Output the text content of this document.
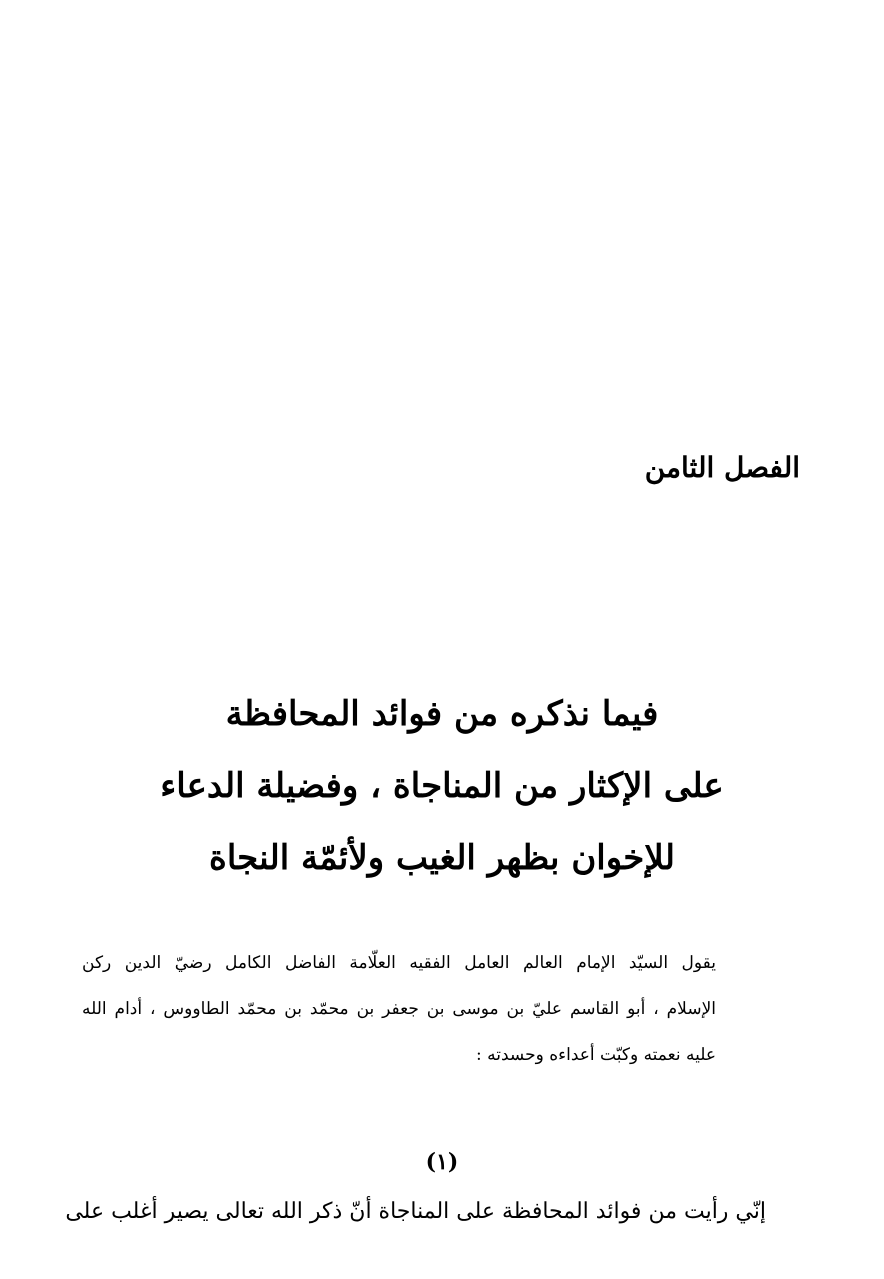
الفصل الثامن
فيما نذكره من فوائد المحافظة
على الإكثار من المناجاة ، وفضيلة الدعاء
للإخوان بظهر الغيب ولأئمّة النجاة
يقول السيّد الإمام العالم العامل الفقيه العلّامة الفاضل الكامل رضيّ الدين ركن
الإسلام ، أبو القاسم عليّ بن موسى بن جعفر بن محمّد بن محمّد الطاووس ، أدام الله
عليه نعمته وكبّت أعداءه وحسدته :
(١)
إنّي رأيت من فوائد المحافظة على المناجاة أنّ ذكر الله تعالى يصير أغلب على
